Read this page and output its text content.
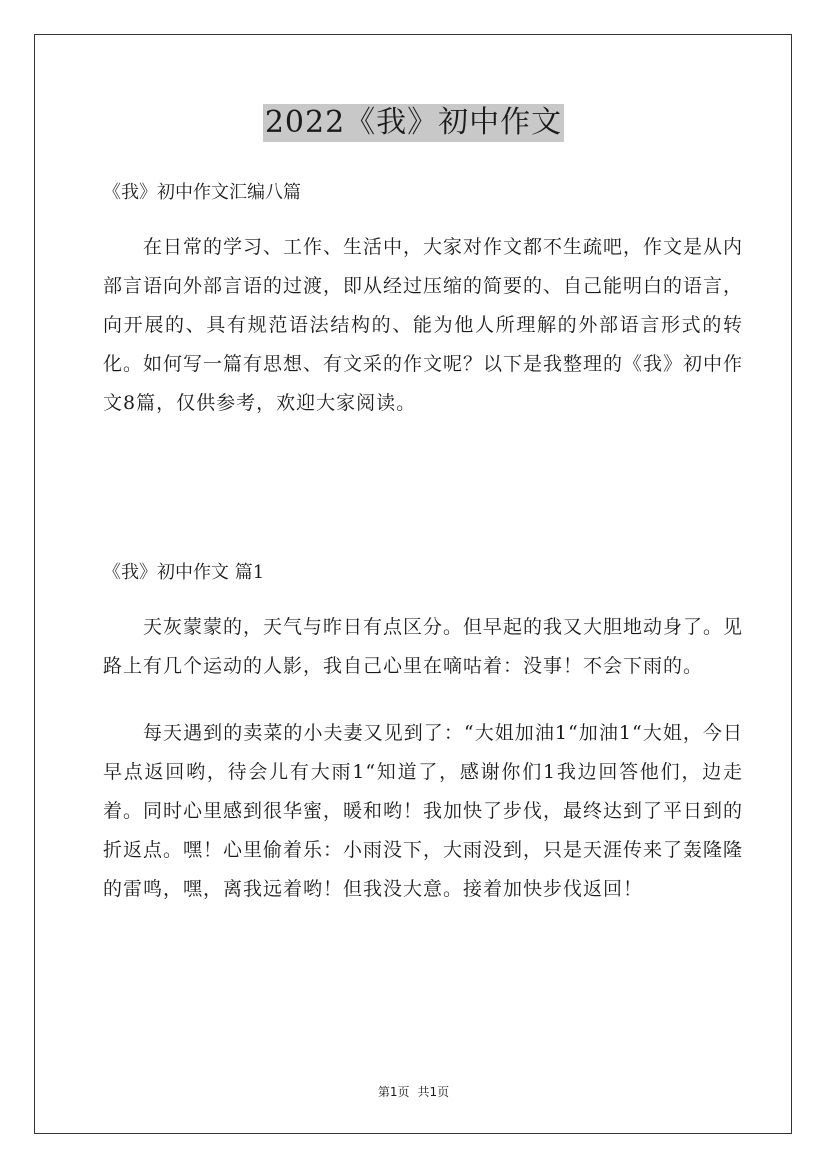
2022《我》初中作文
《我》初中作文汇编八篇

在日常的学习、工作、生活中，大家对作文都不生疏吧，作文是从内部言语向外部言语的过渡，即从经过压缩的简要的、自己能明白的语言，向开展的、具有规范语法结构的、能为他人所理解的外部语言形式的转化。如何写一篇有思想、有文采的作文呢？以下是我整理的《我》初中作文8篇，仅供参考，欢迎大家阅读。

《我》初中作文 篇1

天灰蒙蒙的，天气与昨日有点区分。但早起的我又大胆地动身了。见路上有几个运动的人影，我自己心里在嘀咕着：没事！不会下雨的。

每天遇到的卖菜的小夫妻又见到了：“大姐加油1“加油1“大姐，今日早点返回哟，待会儿有大雨1“知道了，感谢你们1我边回答他们，边走着。同时心里感到很华蜜，暖和哟！我加快了步伐，最终达到了平日到的折返点。嘿！心里偷着乐：小雨没下，大雨没到，只是天涯传来了轰隆隆的雷鸣，嘿，离我远着哟！但我没大意。接着加快步伐返回！

第1页 共1页
